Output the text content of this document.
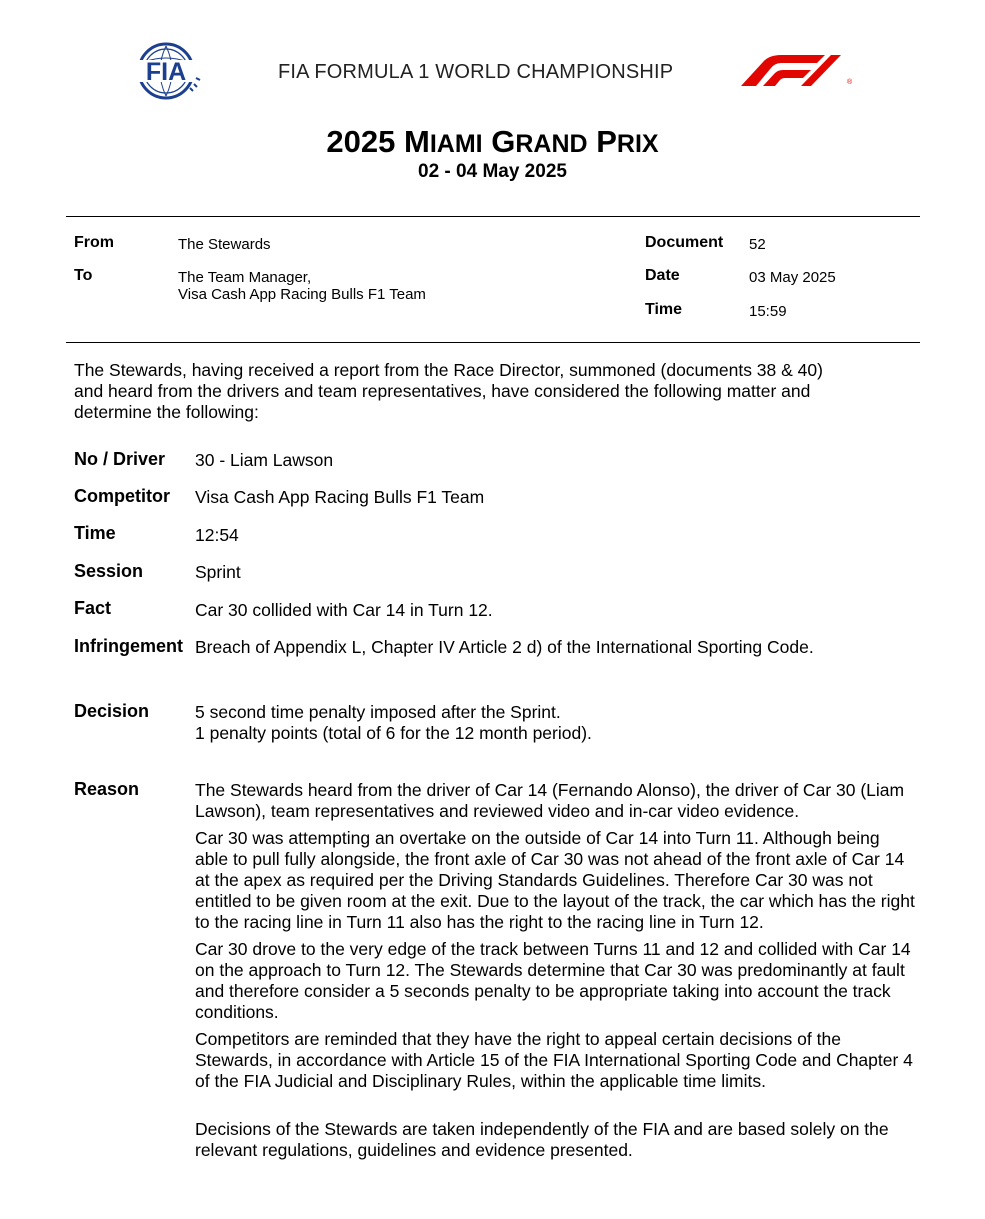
FIA	FIA FORMULA 1 WORLD CHAMPIONSHIP	®
2025 MIAMI GRAND PRIX
02 - 04 May 2025
From	The Stewards
To	The Team Manager,
Visa Cash App Racing Bulls F1 Team
Document 52
Date	03 May 2025
Time	15:59
The Stewards, having received a report from the Race Director, summoned (documents 38 & 40)
and heard from the drivers and team representatives, have considered the following matter and
determine the following:
No / Driver 30 - Liam Lawson
Competitor Visa Cash App Racing Bulls F1 Team
Time	12:54
Session	Sprint
Fact	Car 30 collided with Car 14 in Turn 12.
Infringement Breach of Appendix L, Chapter IV Article 2 d) of the International Sporting Code.
Decision	5 second time penalty imposed after the Sprint.
1 penalty points (total of 6 for the 12 month period).
Reason	The Stewards heard from the driver of Car 14 (Fernando Alonso), the driver of Car 30 (Liam Lawson), team representatives and reviewed video and in-car video evidence.

Car 30 was attempting an overtake on the outside of Car 14 into Turn 11. Although being able to pull fully alongside, the front axle of Car 30 was not ahead of the front axle of Car 14 at the apex as required per the Driving Standards Guidelines. Therefore Car 30 was not entitled to be given room at the exit. Due to the layout of the track, the car which has the right to the racing line in Turn 11 also has the right to the racing line in Turn 12.

Car 30 drove to the very edge of the track between Turns 11 and 12 and collided with Car 14 on the approach to Turn 12. The Stewards determine that Car 30 was predominantly at fault and therefore consider a 5 seconds penalty to be appropriate taking into account the track conditions.

Competitors are reminded that they have the right to appeal certain decisions of the Stewards, in accordance with Article 15 of the FIA International Sporting Code and Chapter 4 of the FIA Judicial and Disciplinary Rules, within the applicable time limits.

Decisions of the Stewards are taken independently of the FIA and are based solely on the relevant regulations, guidelines and evidence presented.
